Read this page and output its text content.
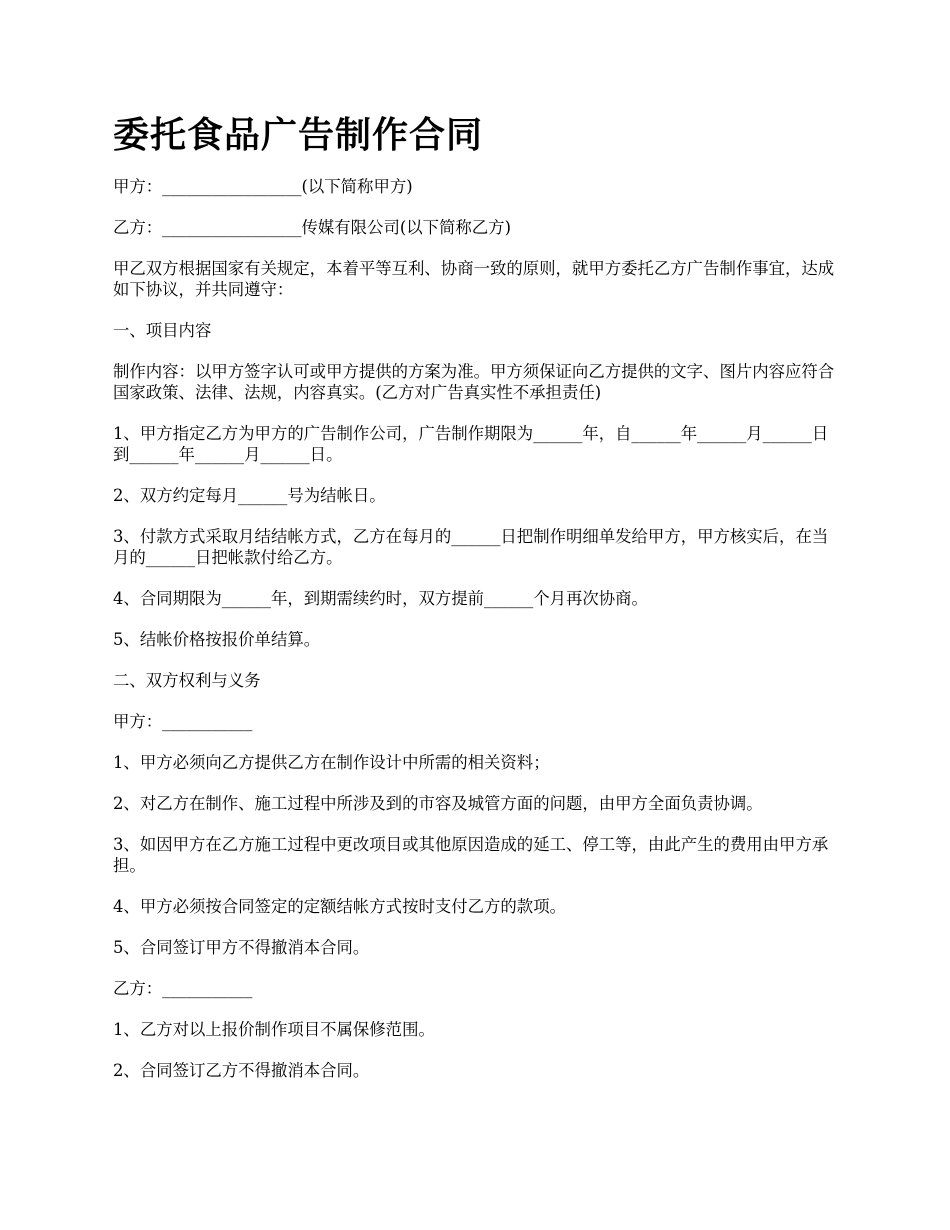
委托食品广告制作合同

甲方：_________________(以下简称甲方)

乙方：_________________传媒有限公司(以下简称乙方)

甲乙双方根据国家有关规定，本着平等互利、协商一致的原则，就甲方委托乙方广告制作事宜，达成如下协议，并共同遵守：

一、项目内容

制作内容：以甲方签字认可或甲方提供的方案为准。甲方须保证向乙方提供的文字、图片内容应符合国家政策、法律、法规，内容真实。(乙方对广告真实性不承担责任)

1、甲方指定乙方为甲方的广告制作公司，广告制作期限为______年，自______年______月______日到______年______月______日。

2、双方约定每月______号为结帐日。

3、付款方式采取月结结帐方式，乙方在每月的______日把制作明细单发给甲方，甲方核实后，在当月的______日把帐款付给乙方。

4、合同期限为______年，到期需续约时，双方提前______个月再次协商。

5、结帐价格按报价单结算。

二、双方权利与义务

甲方：___________

1、甲方必须向乙方提供乙方在制作设计中所需的相关资料；

2、对乙方在制作、施工过程中所涉及到的市容及城管方面的问题，由甲方全面负责协调。

3、如因甲方在乙方施工过程中更改项目或其他原因造成的延工、停工等，由此产生的费用由甲方承担。

4、甲方必须按合同签定的定额结帐方式按时支付乙方的款项。

5、合同签订甲方不得撤消本合同。

乙方：___________

1、乙方对以上报价制作项目不属保修范围。

2、合同签订乙方不得撤消本合同。
